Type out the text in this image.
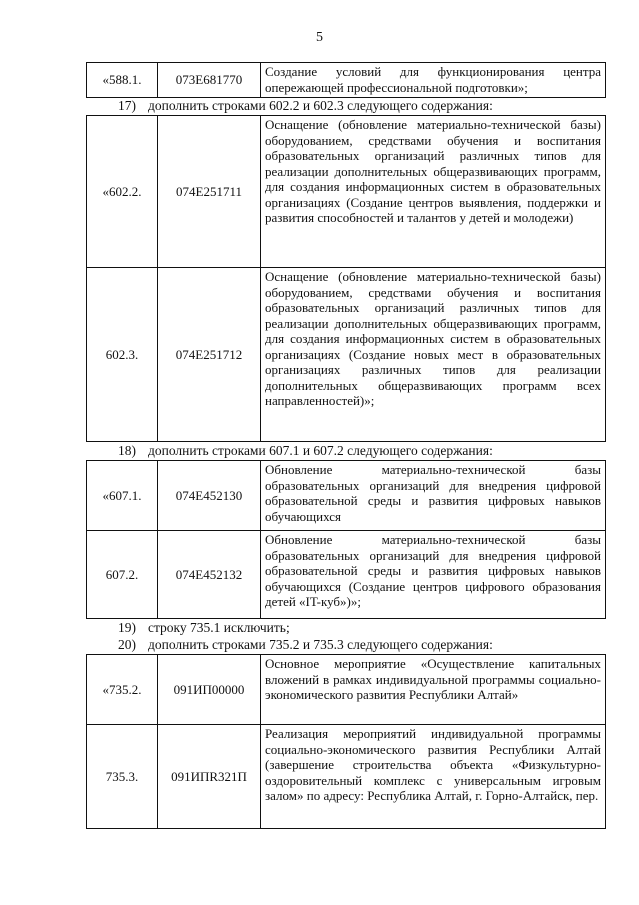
5
«588.1.	073E681770	Создание условий для функционирования центра опережающей профессиональной подготовки»;
17) дополнить строками 602.2 и 602.3 следующего содержания:
«602.2.	074E251711	Оснащение (обновление материально-технической базы) оборудованием, средствами обучения и воспитания образовательных организаций различных типов для реализации дополнительных общеразвивающих программ, для создания информационных систем в образовательных организациях (Создание центров выявления, поддержки и развития способностей и талантов у детей и молодежи)
602.3.	074E251712	Оснащение (обновление материально-технической базы) оборудованием, средствами обучения и воспитания образовательных организаций различных типов для реализации дополнительных общеразвивающих программ, для создания информационных систем в образовательных организациях (Создание новых мест в образовательных организациях различных типов для реализации дополнительных общеразвивающих программ всех направленностей)»;
18) дополнить строками 607.1 и 607.2 следующего содержания:
«607.1.	074E452130	Обновление материально-технической базы образовательных организаций для внедрения цифровой образовательной среды и развития цифровых навыков обучающихся
607.2.	074E452132	Обновление материально-технической базы образовательных организаций для внедрения цифровой образовательной среды и развития цифровых навыков обучающихся (Создание центров цифрового образования детей «IT-куб»)»;
19) строку 735.1 исключить;
20) дополнить строками 735.2 и 735.3 следующего содержания:
«735.2.	091ИП00000	Основное мероприятие «Осуществление капитальных вложений в рамках индивидуальной программы социально-экономического развития Республики Алтай»
735.3.	091ИПR321П	Реализация мероприятий индивидуальной программы социально-экономического развития Республики Алтай (завершение строительства объекта «Физкультурно-оздоровительный комплекс с универсальным игровым залом» по адресу: Республика Алтай, г. Горно-Алтайск, пер.
